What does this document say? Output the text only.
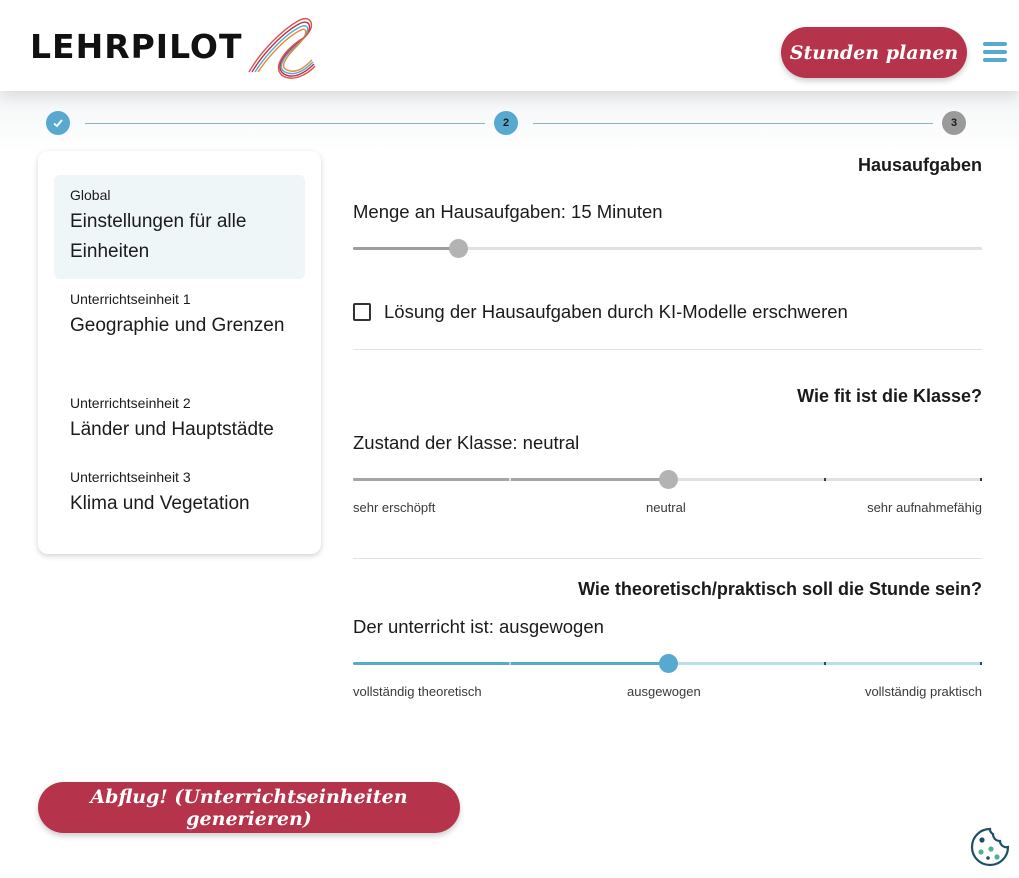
LEHRPILOT	Stunden planen
2	3
Global
Einstellungen für alle Einheiten
Unterrichtseinheit 1
Geographie und Grenzen
Unterrichtseinheit 2
Länder und Hauptstädte
Unterrichtseinheit 3
Klima und Vegetation
Hausaufgaben
Menge an Hausaufgaben: 15 Minuten
Lösung der Hausaufgaben durch KI-Modelle erschweren
Wie fit ist die Klasse?
Zustand der Klasse: neutral
sehr erschöpft	neutral	sehr aufnahmefähig
Wie theoretisch/praktisch soll die Stunde sein?
Der unterricht ist: ausgewogen
vollständig theoretisch	ausgewogen	vollständig praktisch
Abflug! (Unterrichtseinheiten generieren)
